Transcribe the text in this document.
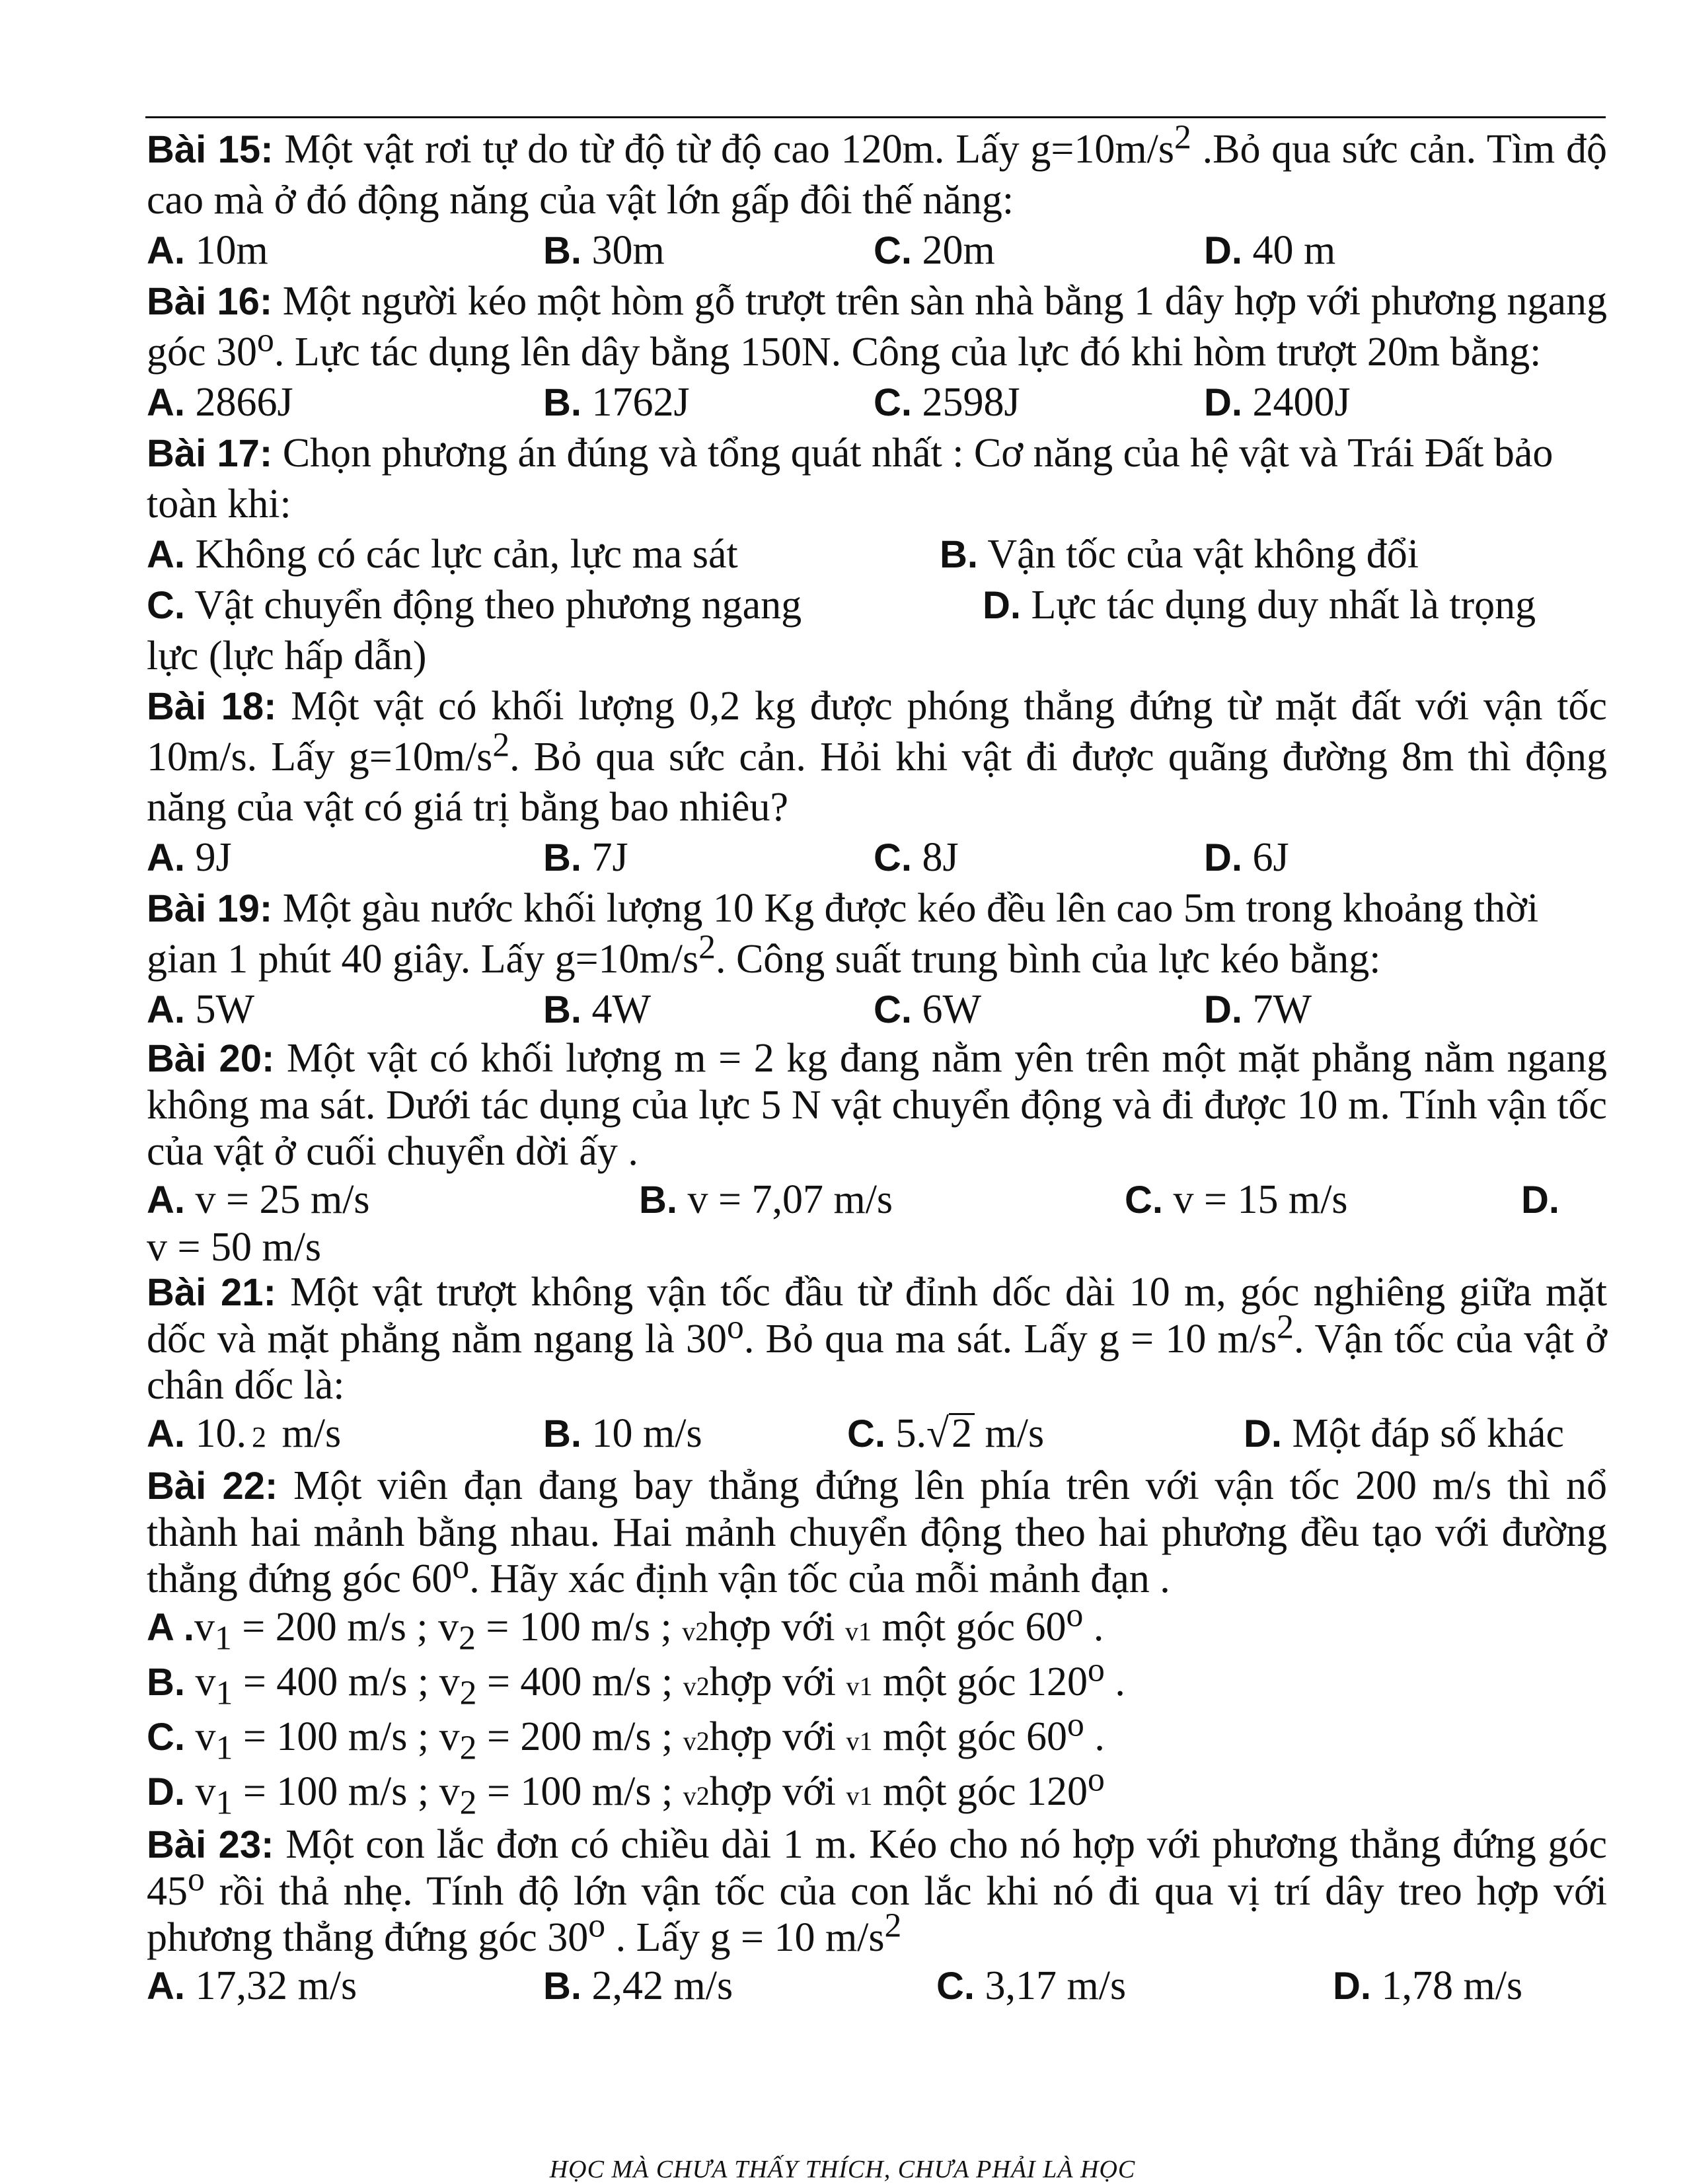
Bài 15: Một vật rơi tự do từ độ từ độ cao 120m. Lấy $g=10m/s^2$ .Bỏ qua sức cản. Tìm độ cao mà ở đó động năng của vật lớn gấp đôi thế năng:

A. 10m	B. 30m	C. 20m	D. 40 m

Bài 16: Một người kéo một hòm gỗ trượt trên sàn nhà bằng 1 dây hợp với phương ngang góc 30$^o$. Lực tác dụng lên dây bằng 150N. Công của lực đó khi hòm trượt 20m bằng:

A. 2866J	B. 1762J	C. 2598J	D. 2400J

Bài 17: Chọn phương án đúng và tổng quát nhất : Cơ năng của hệ vật và Trái Đất bảo toàn khi:

A. Không có các lực cản, lực ma sát	B. Vận tốc của vật không đổi
C. Vật chuyển động theo phương ngang	D. Lực tác dụng duy nhất là trọng

lực (lực hấp dẫn)

Bài 18: Một vật có khối lượng 0,2 kg được phóng thẳng đứng từ mặt đất với vận tốc 10m/s. Lấy $g=10m/s^2$. Bỏ qua sức cản. Hỏi khi vật đi được quãng đường 8m thì động năng của vật có giá trị bằng bao nhiêu?

A. 9J	B. 7J	C. 8J	D. 6J

Bài 19: Một gàu nước khối lượng 10 Kg được kéo đều lên cao 5m trong khoảng thời gian 1 phút 40 giây. Lấy $g=10m/s^2$. Công suất trung bình của lực kéo bằng:

A. 5W	B. 4W	C. 6W	D. 7W

Bài 20: Một vật có khối lượng m = 2 kg đang nằm yên trên một mặt phẳng nằm ngang không ma sát. Dưới tác dụng của lực 5 N vật chuyển động và đi được 10 m. Tính vận tốc của vật ở cuối chuyển dời ấy .

A. v = 25 m/s	B. v = 7,07 m/s	C. v = 15 m/s	D.

v = 50 m/s

Bài 21: Một vật trượt không vận tốc đầu từ đỉnh dốc dài 10 m, góc nghiêng giữa mặt dốc và mặt phẳng nằm ngang là 30$^o$. Bỏ qua ma sát. Lấy g = 10 $m/s^2$. Vận tốc của vật ở chân dốc là:

A. 10. 2 m/s	B. 10 m/s	C. 5.√2 m/s	D. Một đáp số khác

Bài 22: Một viên đạn đang bay thẳng đứng lên phía trên với vận tốc 200 m/s thì nổ thành hai mảnh bằng nhau. Hai mảnh chuyển động theo hai phương đều tạo với đường thẳng đứng góc 60$^o$. Hãy xác định vận tốc của mỗi mảnh đạn .

A $.v_1 = 200$ m/s ; $v_2 = 100$ m/s ; v2hợp với v1 một góc 60$^o$ .

B. $v_1 = 400$ m/s ; $v_2 = 400$ m/s ; v2hợp với v1 một góc 120$^o$ .

C. $v_1 = 100$ m/s ; $v_2 = 200$ m/s ; v2hợp với v1 một góc 60$^o$ .

D. $v_1 = 100$ m/s ; $v_2 = 100$ m/s ; v2hợp với v1 một góc 120$^o$

Bài 23: Một con lắc đơn có chiều dài 1 m. Kéo cho nó hợp với phương thẳng đứng góc 45$^o$ rồi thả nhẹ. Tính độ lớn vận tốc của con lắc khi nó đi qua vị trí dây treo hợp với phương thẳng đứng góc 30$^o$ . Lấy g = 10 $m/s^2$

A. 17,32 m/s	B. 2,42 m/s	C. 3,17 m/s	D. 1,78 m/s
HỌC MÀ CHƯA THẤY THÍCH, CHƯA PHẢI LÀ HỌC
